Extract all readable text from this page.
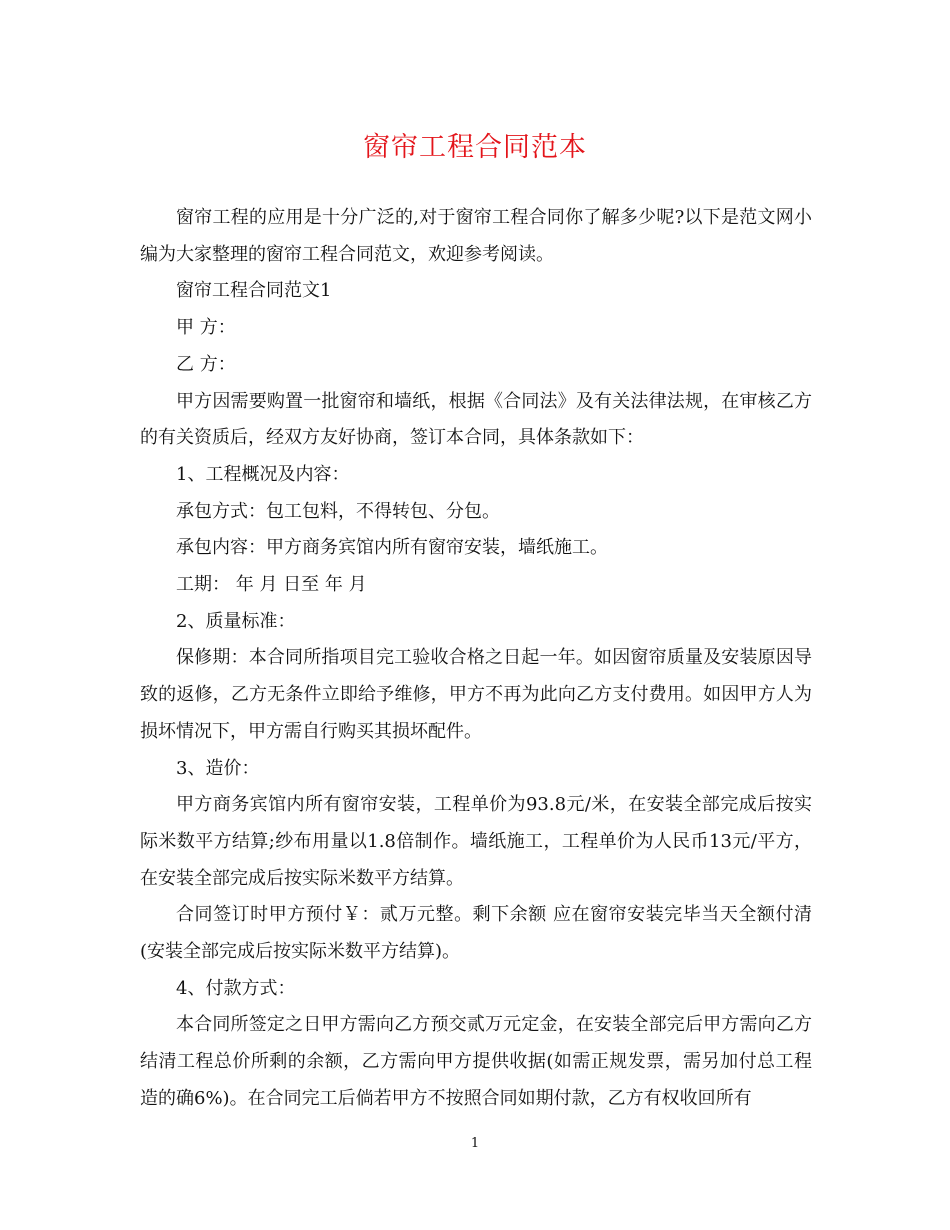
窗帘工程合同范本

窗帘工程的应用是十分广泛的,对于窗帘工程合同你了解多少呢?以下是范文网小编为大家整理的窗帘工程合同范文，欢迎参考阅读。

窗帘工程合同范文1

甲 方：

乙 方：

甲方因需要购置一批窗帘和墙纸，根据《合同法》及有关法律法规，在审核乙方的有关资质后，经双方友好协商，签订本合同，具体条款如下：

1、工程概况及内容：

承包方式：包工包料，不得转包、分包。

承包内容：甲方商务宾馆内所有窗帘安装，墙纸施工。

工期： 年 月 日至 年 月

2、质量标准：

保修期：本合同所指项目完工验收合格之日起一年。如因窗帘质量及安装原因导致的返修，乙方无条件立即给予维修，甲方不再为此向乙方支付费用。如因甲方人为损坏情况下，甲方需自行购买其损坏配件。

3、造价：

甲方商务宾馆内所有窗帘安装，工程单价为93.8元/米，在安装全部完成后按实际米数平方结算;纱布用量以1.8倍制作。墙纸施工，工程单价为人民币13元/平方，在安装全部完成后按实际米数平方结算。

合同签订时甲方预付￥：贰万元整。剩下余额 应在窗帘安装完毕当天全额付清(安装全部完成后按实际米数平方结算)。

4、付款方式：

本合同所签定之日甲方需向乙方预交贰万元定金，在安装全部完后甲方需向乙方结清工程总价所剩的余额，乙方需向甲方提供收据(如需正规发票，需另加付总工程造的确6%)。在合同完工后倘若甲方不按照合同如期付款，乙方有权收回所有

1
